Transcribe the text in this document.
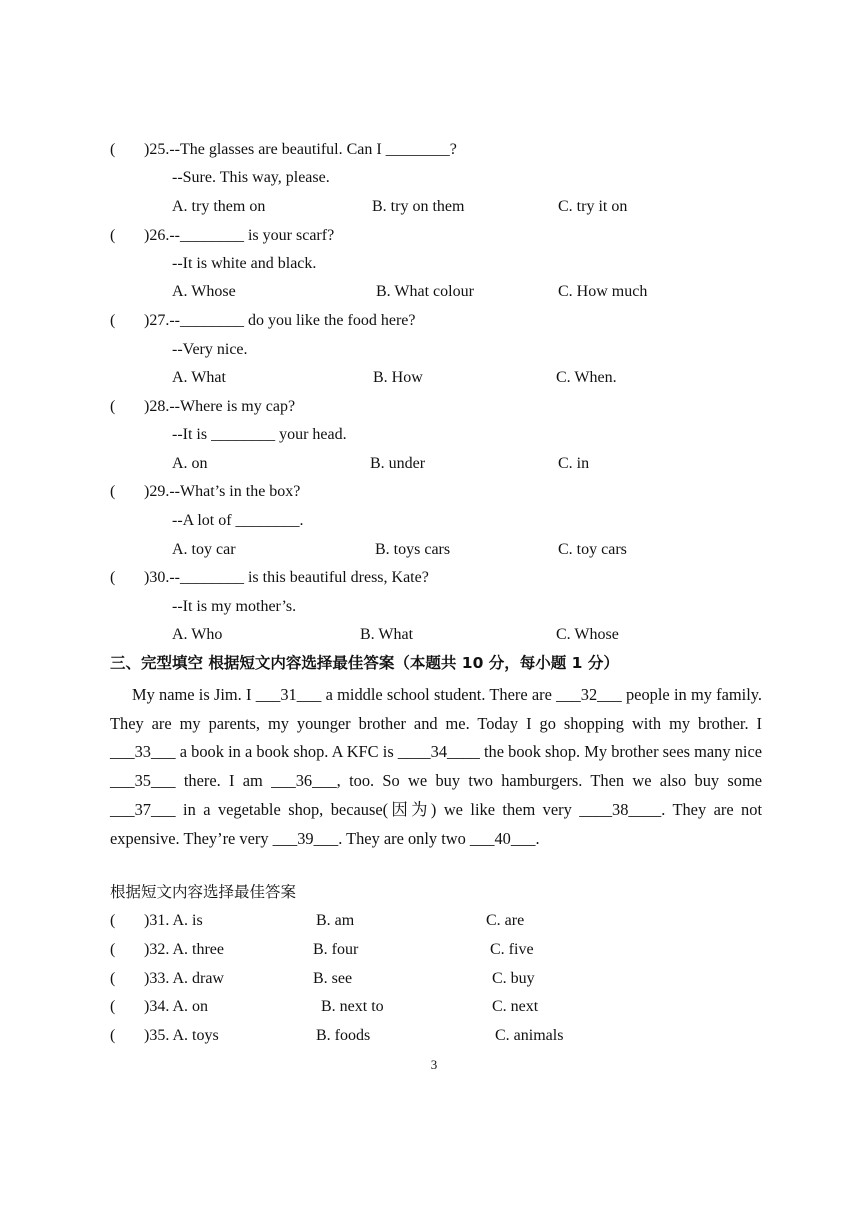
( )25.--The glasses are beautiful. Can I ________?
--Sure. This way, please.
A. try them on	B. try on them	C. try it on
( )26.--________ is your scarf?
--It is white and black.
A. Whose	B. What colour	C. How much
( )27.--________ do you like the food here?
--Very nice.
A. What	B. How	C. When.
( )28.--Where is my cap?
--It is ________ your head.
A. on	B. under	C. in
( )29.--What’s in the box?
--A lot of ________.
A. toy car	B. toys cars	C. toy cars
( )30.--________ is this beautiful dress, Kate?
--It is my mother’s.
A. Who	B. What	C. Whose
三、完型填空 根据短文内容选择最佳答案（本题共 10 分，每小题 1 分）

My name is Jim. I ___31___ a middle school student. There are ___32___ people in my family. They are my parents, my younger brother and me. Today I go shopping with my brother. I ___33___ a book in a book shop. A KFC is ____34____ the book shop. My brother sees many nice ___35___ there. I am ___36___, too. So we buy two hamburgers. Then we also buy some ___37___ in a vegetable shop, because(因为) we like them very ____38____. They are not expensive. They’re very ___39___. They are only two ___40___.

根据短文内容选择最佳答案
( )31. A. is	B. am	C. are
( )32. A. three	B. four	C. five
( )33. A. draw	B. see	C. buy
( )34. A. on	B. next to	C. next
( )35. A. toys	B. foods	C. animals
3
